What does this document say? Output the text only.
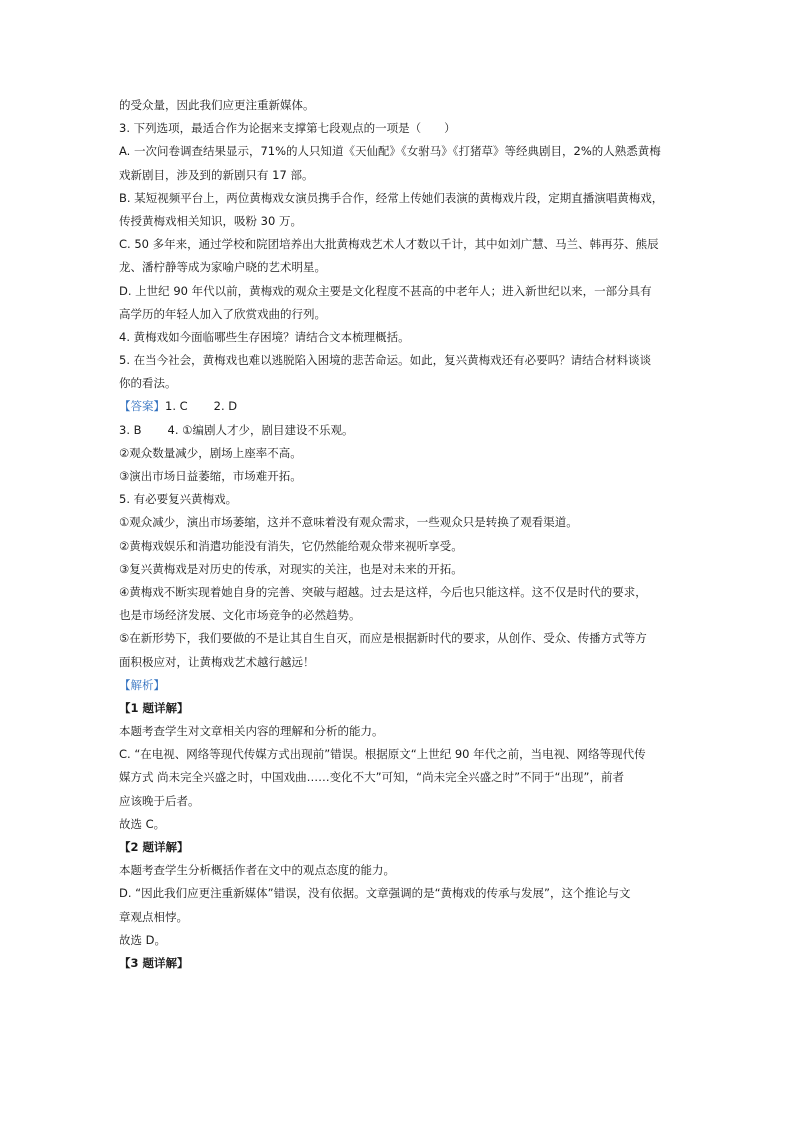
的受众量，因此我们应更注重新媒体。
3. 下列选项，最适合作为论据来支撑第七段观点的一项是（　　）
A. 一次问卷调查结果显示，71%的人只知道《天仙配》《女驸马》《打猪草》等经典剧目，2%的人熟悉黄梅
戏新剧目，涉及到的新剧只有 17 部。
B. 某短视频平台上，两位黄梅戏女演员携手合作，经常上传她们表演的黄梅戏片段，定期直播演唱黄梅戏，
传授黄梅戏相关知识，吸粉 30 万。
C. 50 多年来，通过学校和院团培养出大批黄梅戏艺术人才数以千计，其中如刘广慧、马兰、韩再芬、熊辰
龙、潘柠静等成为家喻户晓的艺术明星。
D. 上世纪 90 年代以前，黄梅戏的观众主要是文化程度不甚高的中老年人；进入新世纪以来，一部分具有
高学历的年轻人加入了欣赏戏曲的行列。
4. 黄梅戏如今面临哪些生存困境？请结合文本梳理概括。
5. 在当今社会，黄梅戏也难以逃脱陷入困境的悲苦命运。如此，复兴黄梅戏还有必要吗？请结合材料谈谈
你的看法。
【答案】1. C 2. D
3. B 4. ①编剧人才少，剧目建设不乐观。
②观众数量减少，剧场上座率不高。
③演出市场日益萎缩，市场难开拓。
5. 有必要复兴黄梅戏。
①观众减少，演出市场萎缩，这并不意味着没有观众需求，一些观众只是转换了观看渠道。
②黄梅戏娱乐和消遣功能没有消失，它仍然能给观众带来视听享受。
③复兴黄梅戏是对历史的传承，对现实的关注，也是对未来的开拓。
④黄梅戏不断实现着她自身的完善、突破与超越。过去是这样，今后也只能这样。这不仅是时代的要求，
也是市场经济发展、文化市场竞争的必然趋势。
⑤在新形势下，我们要做的不是让其自生自灭，而应是根据新时代的要求，从创作、受众、传播方式等方
面积极应对，让黄梅戏艺术越行越远！
【解析】
【1 题详解】
本题考查学生对文章相关内容的理解和分析的能力。
C. “在电视、网络等现代传媒方式出现前”错误。根据原文“上世纪 90 年代之前，当电视、网络等现代传
媒方式 尚未完全兴盛之时，中国戏曲……变化不大”可知，“尚未完全兴盛之时”不同于“出现”，前者
应该晚于后者。
故选 C。
【2 题详解】
本题考查学生分析概括作者在文中的观点态度的能力。
D. “因此我们应更注重新媒体”错误，没有依据。文章强调的是“黄梅戏的传承与发展”，这个推论与文
章观点相悖。
故选 D。
【3 题详解】
